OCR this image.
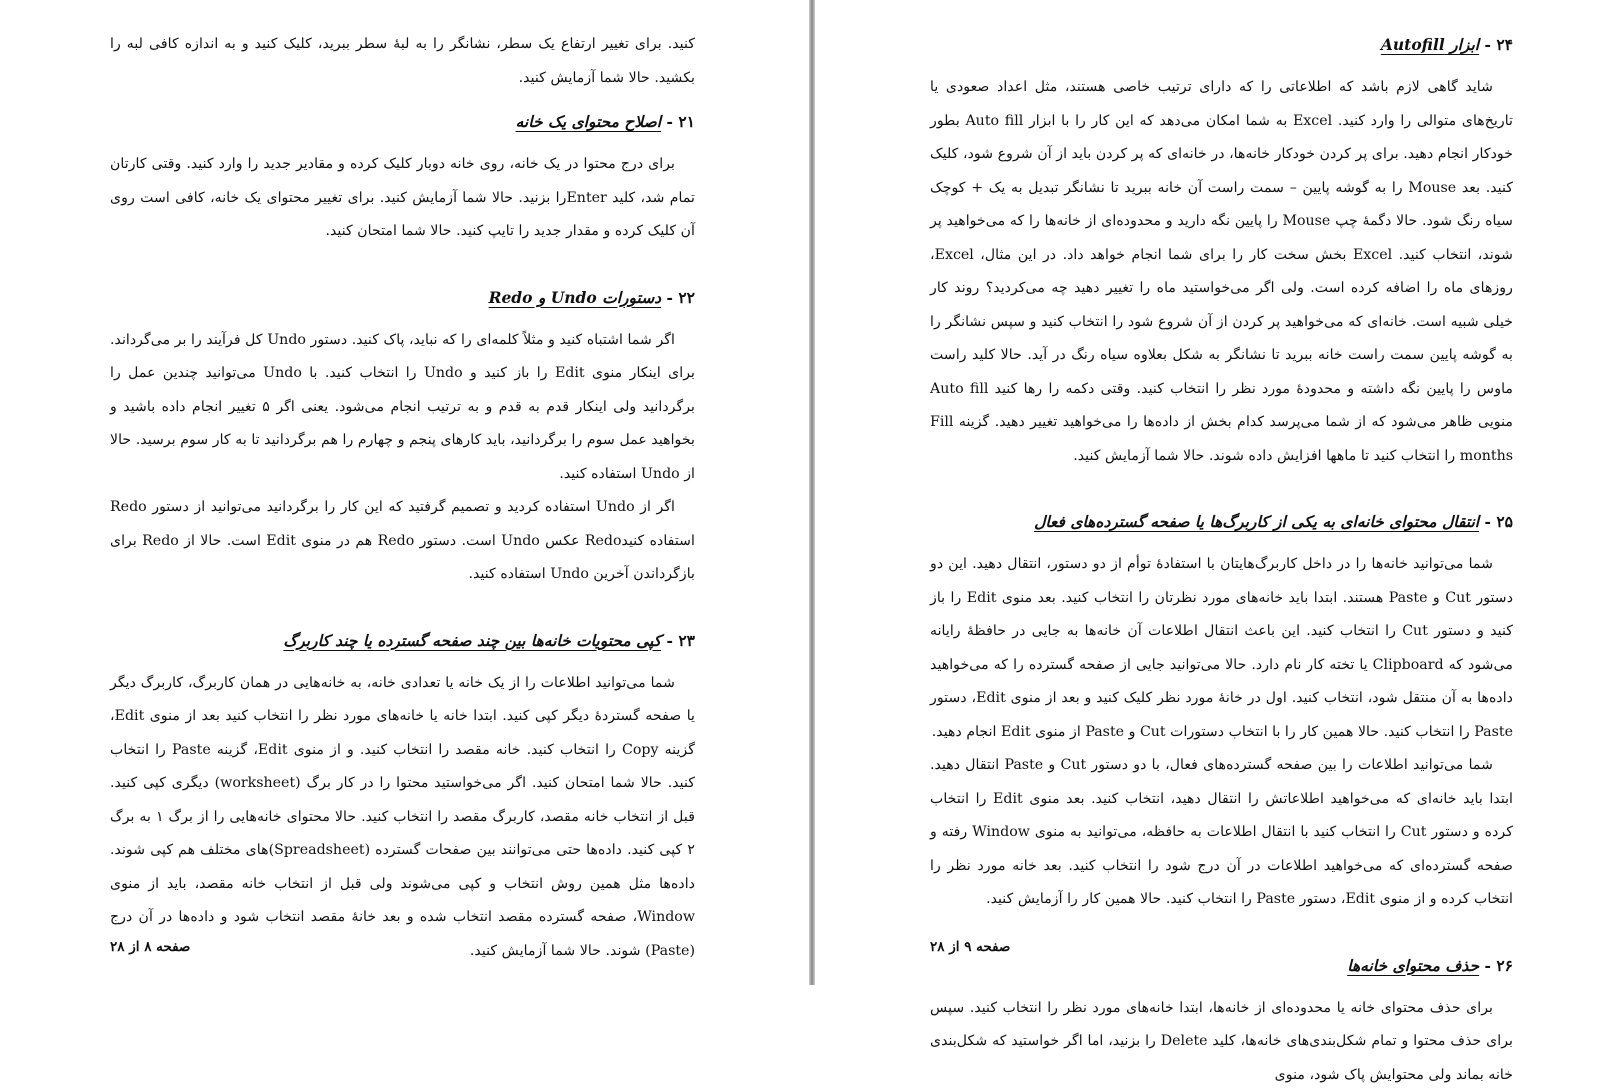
کنید. برای تغییر ارتفاع یک سطر، نشانگر را به لبهٔ سطر ببرید، کلیک کنید و به اندازه کافی لبه را بکشید. حالا شما آزمایش کنید.

۲۱ - اصلاح محتوای یک خانه

برای درج محتوا در یک خانه، روی خانه دوبار کلیک کرده و مقادیر جدید را وارد کنید. وقتی کارتان تمام شد، کلید Enterرا بزنید. حالا شما آزمایش کنید. برای تغییر محتوای یک خانه، کافی است روی آن کلیک کرده و مقدار جدید را تایپ کنید. حالا شما امتحان کنید.

۲۲ - دستورات Undo و Redo

اگر شما اشتباه کنید و مثلاً کلمه‌ای را که نباید، پاک کنید. دستور Undo کل فرآیند را بر می‌گرداند. برای اینکار منوی Edit را باز کنید و Undo را انتخاب کنید. با Undo می‌توانید چندین عمل را برگردانید ولی اینکار قدم به قدم و به ترتیب انجام می‌شود. یعنی اگر ۵ تغییر انجام داده باشید و بخواهید عمل سوم را برگردانید، باید کارهای پنجم و چهارم را هم برگردانید تا به کار سوم برسید. حالا از Undo استفاده کنید.

اگر از Undo استفاده کردید و تصمیم گرفتید که این کار را برگردانید می‌توانید از دستور Redo استفاده کنیدRedo عکس Undo است. دستور Redo هم در منوی Edit است. حالا از Redo برای بازگرداندن آخرین Undo استفاده کنید.

۲۳ - کپی محتویات خانه‌ها بین چند صفحه گسترده یا چند کاربرگ

شما می‌توانید اطلاعات را از یک خانه یا تعدادی خانه، به خانه‌هایی در همان کاربرگ، کاربرگ دیگر یا صفحه گستردهٔ دیگر کپی کنید. ابتدا خانه یا خانه‌های مورد نظر را انتخاب کنید بعد از منوی Edit، گزینه Copy را انتخاب کنید. خانه مقصد را انتخاب کنید. و از منوی Edit، گزینه Paste را انتخاب کنید. حالا شما امتحان کنید. اگر می‌خواستید محتوا را در کار برگ (worksheet) دیگری کپی کنید. قبل از انتخاب خانه مقصد، کاربرگ مقصد را انتخاب کنید. حالا محتوای خانه‌هایی را از برگ ۱ به برگ ۲ کپی کنید. داده‌ها حتی می‌توانند بین صفحات گسترده (Spreadsheet)های مختلف هم کپی شوند. داده‌ها مثل همین روش انتخاب و کپی می‌شوند ولی قبل از انتخاب خانه مقصد، باید از منوی Window، صفحه گسترده مقصد انتخاب شده و بعد خانهٔ مقصد انتخاب شود و داده‌ها در آن درج (Paste) شوند. حالا شما آزمایش کنید.

صفحه ۸ از ۲۸
۲۴ - ابزار Autofill

شاید گاهی لازم باشد که اطلاعاتی را که دارای ترتیب خاصی هستند، مثل اعداد صعودی یا تاریخ‌های متوالی را وارد کنید. Excel به شما امکان می‌دهد که این کار را با ابزار Auto fill بطور خودکار انجام دهید. برای پر کردن خودکار خانه‌ها، در خانه‌ای که پر کردن باید از آن شروع شود، کلیک کنید. بعد Mouse را به گوشه پایین – سمت راست آن خانه ببرید تا نشانگر تبدیل به یک + کوچک سیاه رنگ شود. حالا دگمهٔ چپ Mouse را پایین نگه دارید و محدوده‌ای از خانه‌ها را که می‌خواهید پر شوند، انتخاب کنید. Excel بخش سخت کار را برای شما انجام خواهد داد. در این مثال، Excel، روزهای ماه را اضافه کرده است. ولی اگر می‌خواستید ماه را تغییر دهید چه می‌کردید؟ روند کار خیلی شبیه است. خانه‌ای که می‌خواهید پر کردن از آن شروع شود را انتخاب کنید و سپس نشانگر را به گوشه پایین سمت راست خانه ببرید تا نشانگر به شکل بعلاوه سیاه رنگ در آید. حالا کلید راست ماوس را پایین نگه داشته و محدودهٔ مورد نظر را انتخاب کنید. وقتی دکمه را رها کنید Auto fill منویی ظاهر می‌شود که از شما می‌پرسد کدام بخش از داده‌ها را می‌خواهید تغییر دهید. گزینه Fill months را انتخاب کنید تا ماهها افزایش داده شوند. حالا شما آزمایش کنید.

۲۵ - انتقال محتوای خانه‌ای به یکی از کاربرگ‌ها یا صفحه گسترده‌های فعال

شما می‌توانید خانه‌ها را در داخل کاربرگ‌هایتان با استفادهٔ توأم از دو دستور، انتقال دهید. این دو دستور Cut و Paste هستند. ابتدا باید خانه‌های مورد نظرتان را انتخاب کنید. بعد منوی Edit را باز کنید و دستور Cut را انتخاب کنید. این باعث انتقال اطلاعات آن خانه‌ها به جایی در حافظهٔ رایانه می‌شود که Clipboard یا تخته کار نام دارد. حالا می‌توانید جایی از صفحه گسترده را که می‌خواهید داده‌ها به آن منتقل شود، انتخاب کنید. اول در خانهٔ مورد نظر کلیک کنید و بعد از منوی Edit، دستور Paste را انتخاب کنید. حالا همین کار را با انتخاب دستورات Cut و Paste از منوی Edit انجام دهید.

شما می‌توانید اطلاعات را بین صفحه گسترده‌های فعال، با دو دستور Cut و Paste انتقال دهید. ابتدا باید خانه‌ای که می‌خواهید اطلاعاتش را انتقال دهید، انتخاب کنید. بعد منوی Edit را انتخاب کرده و دستور Cut را انتخاب کنید با انتقال اطلاعات به حافظه، می‌توانید به منوی Window رفته و صفحه گسترده‌ای که می‌خواهید اطلاعات در آن درج شود را انتخاب کنید. بعد خانه مورد نظر را انتخاب کرده و از منوی Edit، دستور Paste را انتخاب کنید. حالا همین کار را آزمایش کنید.

۲۶ - حذف محتوای خانه‌ها

برای حذف محتوای خانه یا محدوده‌ای از خانه‌ها، ابتدا خانه‌های مورد نظر را انتخاب کنید. سپس برای حذف محتوا و تمام شکل‌بندی‌های خانه‌ها، کلید Delete را بزنید، اما اگر خواستید که شکل‌بندی خانه بماند ولی محتوایش پاک شود، منوی

صفحه ۹ از ۲۸
